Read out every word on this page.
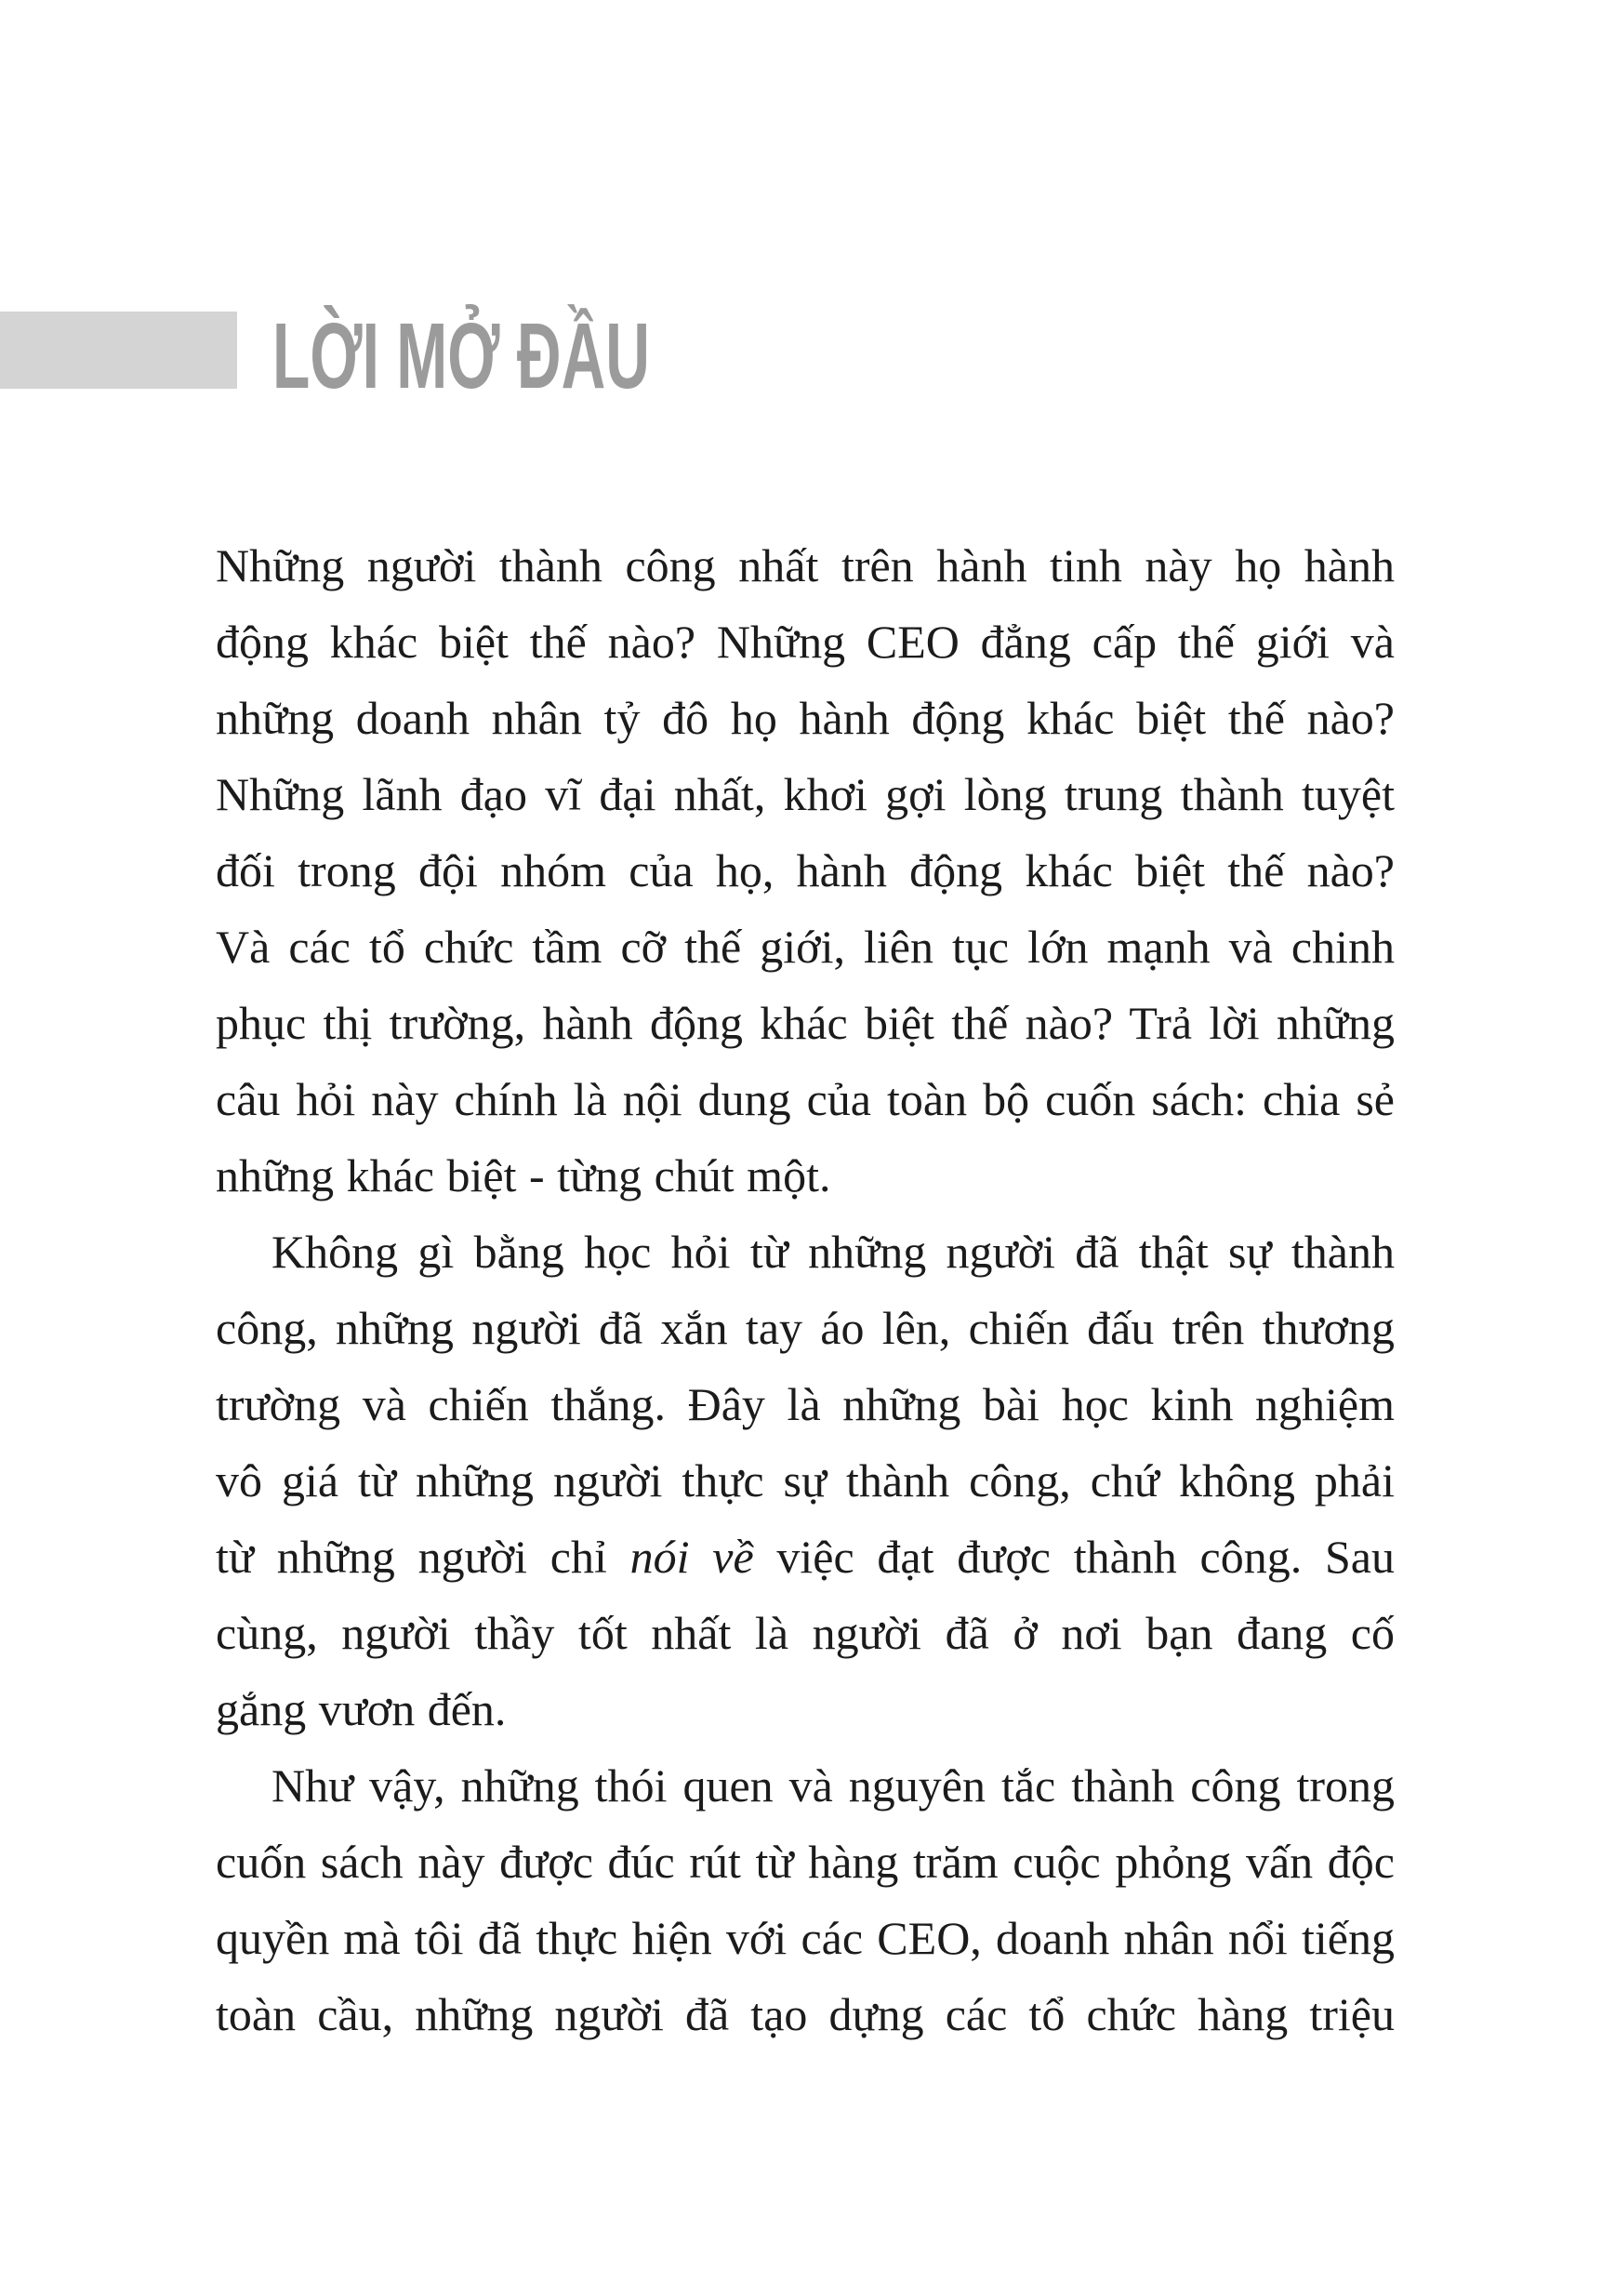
LỜI MỞ ĐẦU
Những người thành công nhất trên hành tinh này họ hành
động khác biệt thế nào? Những CEO đẳng cấp thế giới và
những doanh nhân tỷ đô họ hành động khác biệt thế nào?
Những lãnh đạo vĩ đại nhất, khơi gợi lòng trung thành tuyệt
đối trong đội nhóm của họ, hành động khác biệt thế nào?
Và các tổ chức tầm cỡ thế giới, liên tục lớn mạnh và chinh
phục thị trường, hành động khác biệt thế nào? Trả lời những
câu hỏi này chính là nội dung của toàn bộ cuốn sách: chia sẻ
những khác biệt - từng chút một.
Không gì bằng học hỏi từ những người đã thật sự thành
công, những người đã xắn tay áo lên, chiến đấu trên thương
trường và chiến thắng. Đây là những bài học kinh nghiệm
vô giá từ những người thực sự thành công, chứ không phải
từ những người chỉ nói về việc đạt được thành công. Sau
cùng, người thầy tốt nhất là người đã ở nơi bạn đang cố
gắng vươn đến.
Như vậy, những thói quen và nguyên tắc thành công trong
cuốn sách này được đúc rút từ hàng trăm cuộc phỏng vấn độc
quyền mà tôi đã thực hiện với các CEO, doanh nhân nổi tiếng
toàn cầu, những người đã tạo dựng các tổ chức hàng triệu
